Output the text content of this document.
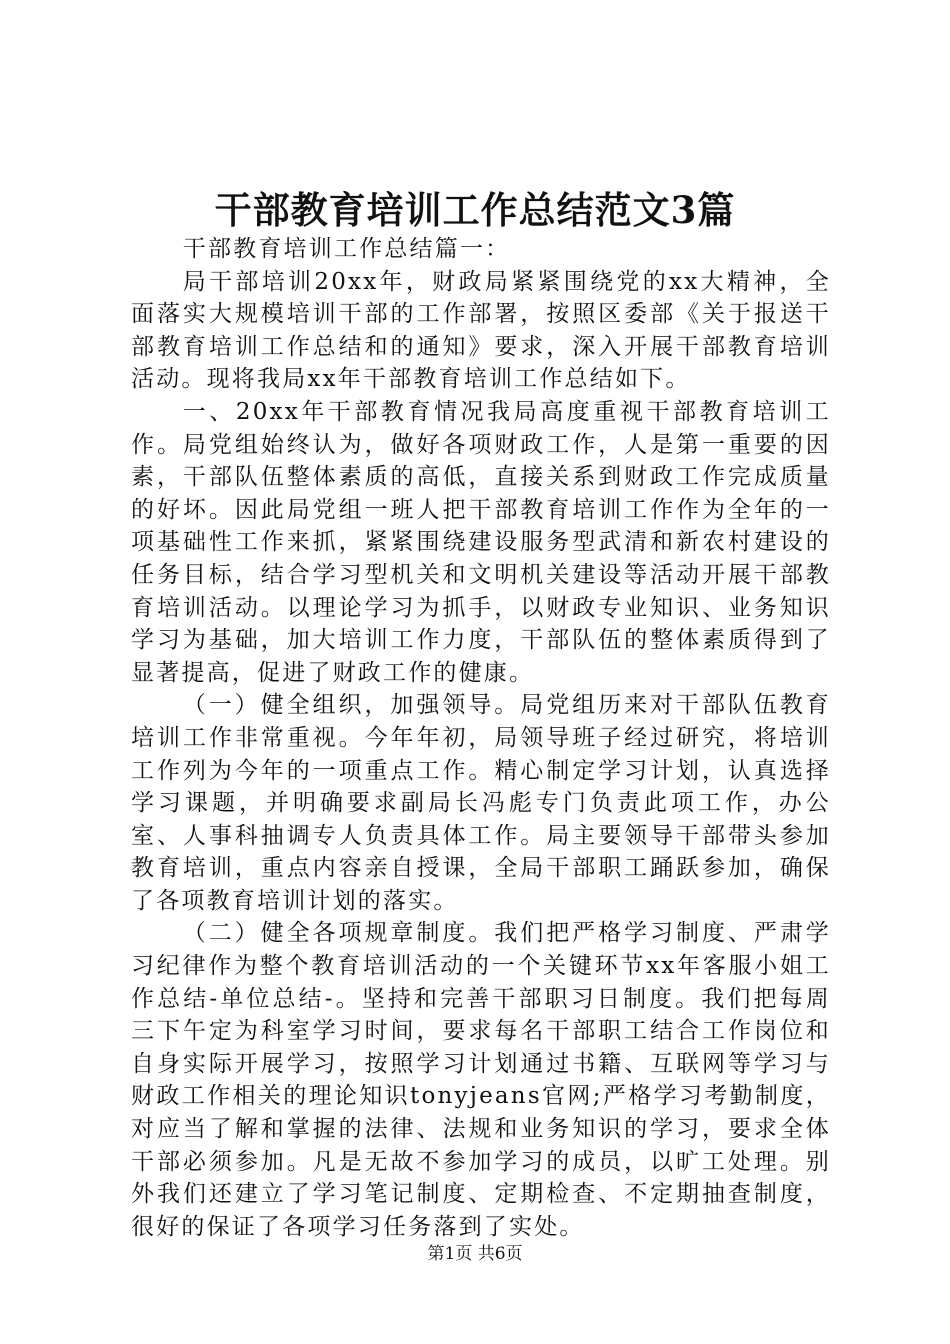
干部教育培训工作总结范文3篇

干部教育培训工作总结篇一：

局干部培训20xx年，财政局紧紧围绕党的xx大精神，全面落实大规模培训干部的工作部署，按照区委部《关于报送干部教育培训工作总结和的通知》要求，深入开展干部教育培训活动。现将我局xx年干部教育培训工作总结如下。

一、20xx年干部教育情况我局高度重视干部教育培训工作。局党组始终认为，做好各项财政工作，人是第一重要的因素，干部队伍整体素质的高低，直接关系到财政工作完成质量的好坏。因此局党组一班人把干部教育培训工作作为全年的一项基础性工作来抓，紧紧围绕建设服务型武清和新农村建设的任务目标，结合学习型机关和文明机关建设等活动开展干部教育培训活动。以理论学习为抓手，以财政专业知识、业务知识学习为基础，加大培训工作力度，干部队伍的整体素质得到了显著提高，促进了财政工作的健康。

（一）健全组织，加强领导。局党组历来对干部队伍教育培训工作非常重视。今年年初，局领导班子经过研究，将培训工作列为今年的一项重点工作。精心制定学习计划，认真选择学习课题，并明确要求副局长冯彪专门负责此项工作，办公室、人事科抽调专人负责具体工作。局主要领导干部带头参加教育培训，重点内容亲自授课，全局干部职工踊跃参加，确保了各项教育培训计划的落实。

（二）健全各项规章制度。我们把严格学习制度、严肃学习纪律作为整个教育培训活动的一个关键环节xx年客服小姐工作总结-单位总结-。坚持和完善干部职习日制度。我们把每周三下午定为科室学习时间，要求每名干部职工结合工作岗位和自身实际开展学习，按照学习计划通过书籍、互联网等学习与财政工作相关的理论知识tonyjeans官网;严格学习考勤制度，对应当了解和掌握的法律、法规和业务知识的学习，要求全体干部必须参加。凡是无故不参加学习的成员，以旷工处理。别外我们还建立了学习笔记制度、定期检查、不定期抽查制度，很好的保证了各项学习任务落到了实处。

第1页 共6页
